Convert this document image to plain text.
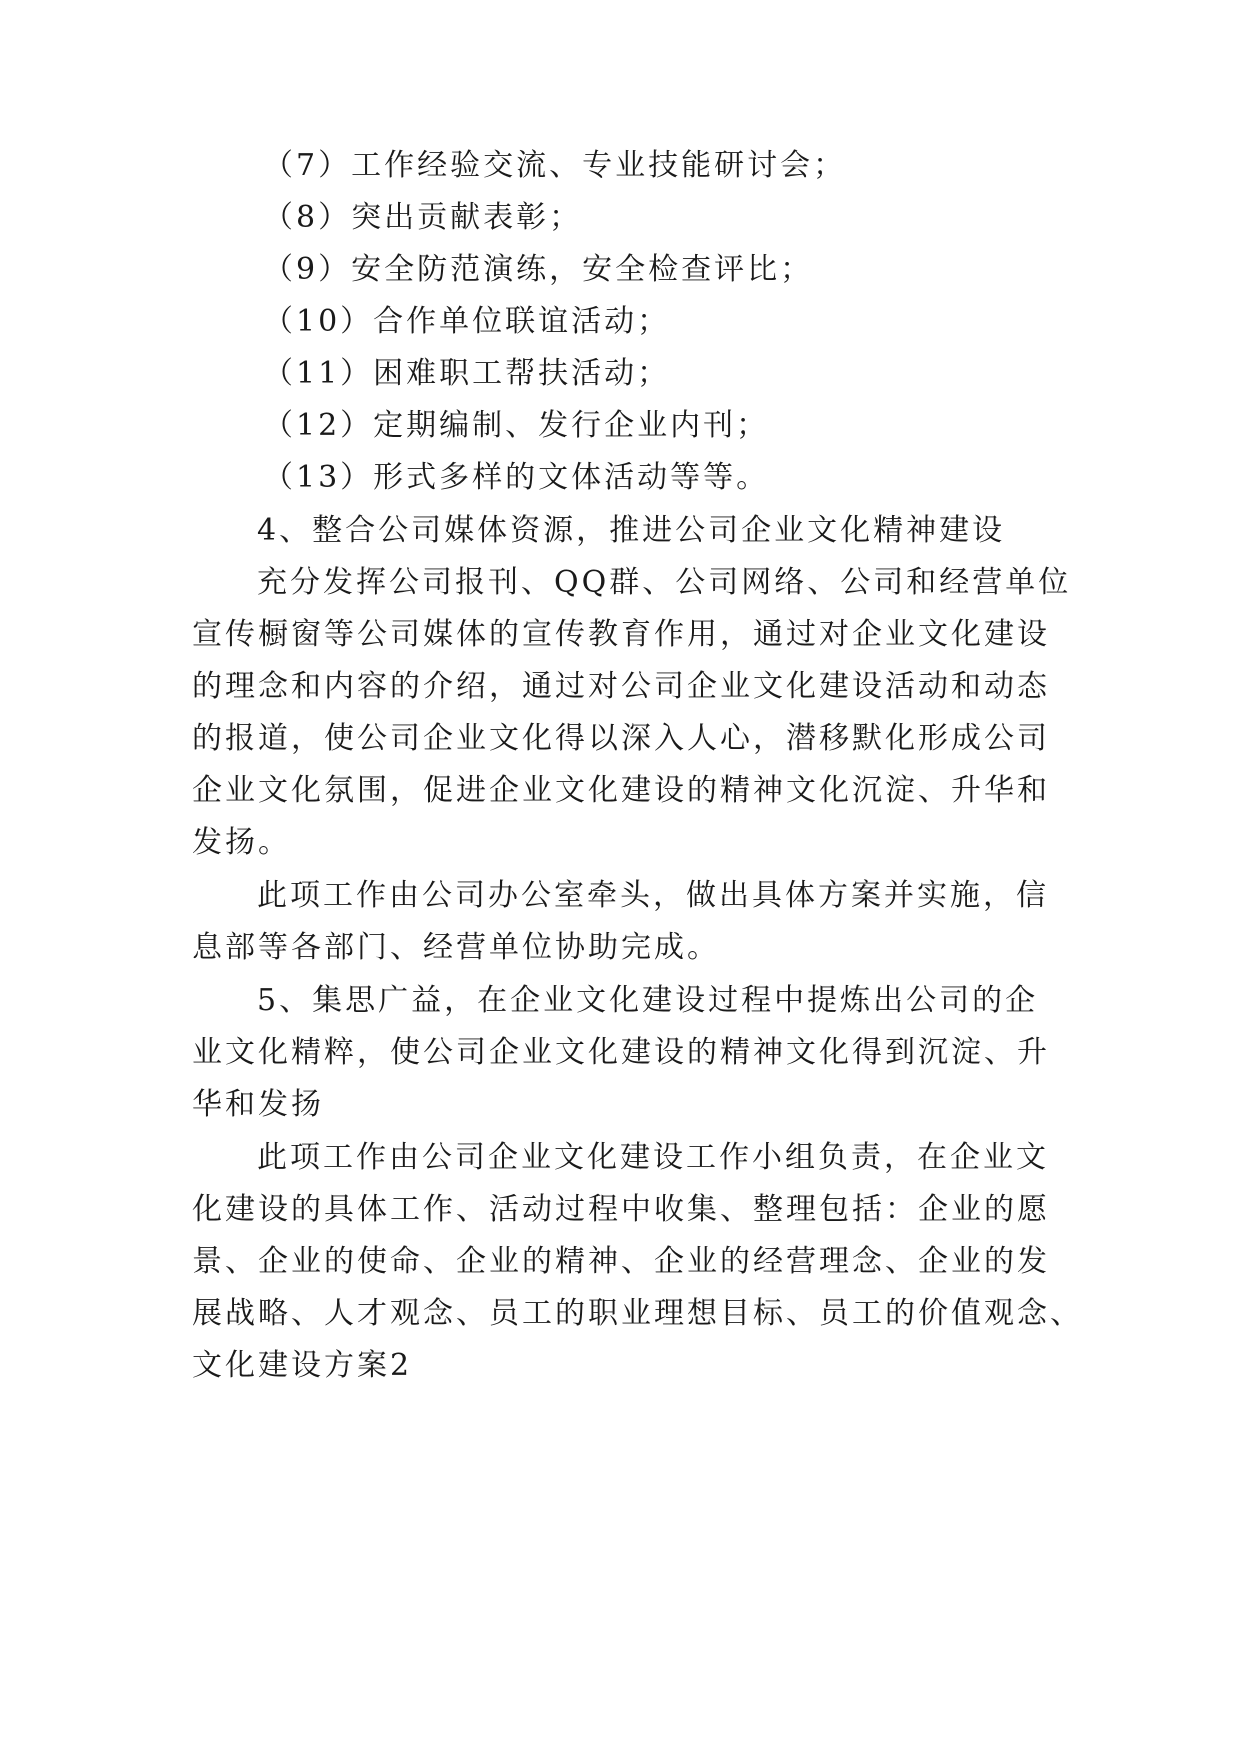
（7）工作经验交流、专业技能研讨会；
（8）突出贡献表彰；
（9）安全防范演练，安全检查评比；
（10）合作单位联谊活动；
（11）困难职工帮扶活动；
（12）定期编制、发行企业内刊；
（13）形式多样的文体活动等等。
4、整合公司媒体资源，推进公司企业文化精神建设
充分发挥公司报刊、QQ群、公司网络、公司和经营单位
宣传橱窗等公司媒体的宣传教育作用，通过对企业文化建设
的理念和内容的介绍，通过对公司企业文化建设活动和动态
的报道，使公司企业文化得以深入人心，潜移默化形成公司
企业文化氛围，促进企业文化建设的精神文化沉淀、升华和
发扬。
此项工作由公司办公室牵头，做出具体方案并实施，信
息部等各部门、经营单位协助完成。
5、集思广益，在企业文化建设过程中提炼出公司的企
业文化精粹，使公司企业文化建设的精神文化得到沉淀、升
华和发扬
此项工作由公司企业文化建设工作小组负责，在企业文
化建设的具体工作、活动过程中收集、整理包括：企业的愿
景、企业的使命、企业的精神、企业的经营理念、企业的发
展战略、人才观念、员工的职业理想目标、员工的价值观念、
文化建设方案2
